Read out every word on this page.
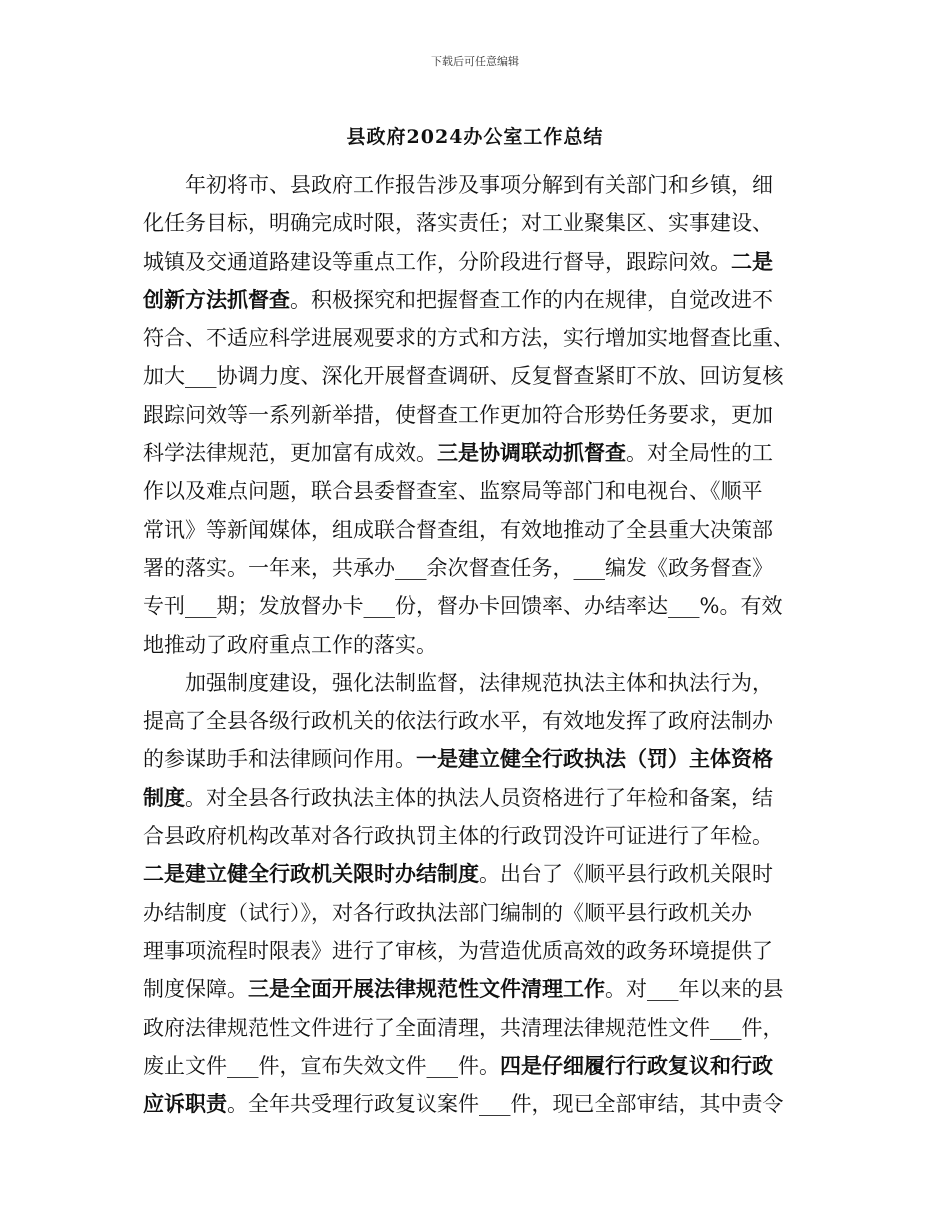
下载后可任意编辑
县政府2024办公室工作总结
年初将市、县政府工作报告涉及事项分解到有关部门和乡镇，细
化任务目标，明确完成时限，落实责任；对工业聚集区、实事建设、
城镇及交通道路建设等重点工作，分阶段进行督导，跟踪问效。二是
创新方法抓督查。积极探究和把握督查工作的内在规律，自觉改进不
符合、不适应科学进展观要求的方式和方法，实行增加实地督查比重、
加大___协调力度、深化开展督查调研、反复督查紧盯不放、回访复核
跟踪问效等一系列新举措，使督查工作更加符合形势任务要求，更加
科学法律规范，更加富有成效。三是协调联动抓督查。对全局性的工
作以及难点问题，联合县委督查室、监察局等部门和电视台、《顺平
常讯》等新闻媒体，组成联合督查组，有效地推动了全县重大决策部
署的落实。一年来，共承办___余次督查任务，___编发《政务督查》
专刊___期；发放督办卡___份，督办卡回馈率、办结率达___%。有效
地推动了政府重点工作的落实。
加强制度建设，强化法制监督，法律规范执法主体和执法行为，
提高了全县各级行政机关的依法行政水平，有效地发挥了政府法制办
的参谋助手和法律顾问作用。一是建立健全行政执法（罚）主体资格
制度。对全县各行政执法主体的执法人员资格进行了年检和备案，结
合县政府机构改革对各行政执罚主体的行政罚没许可证进行了年检。
二是建立健全行政机关限时办结制度。出台了《顺平县行政机关限时
办结制度（试行）》，对各行政执法部门编制的《顺平县行政机关办
理事项流程时限表》进行了审核，为营造优质高效的政务环境提供了
制度保障。三是全面开展法律规范性文件清理工作。对___年以来的县
政府法律规范性文件进行了全面清理，共清理法律规范性文件___件，
废止文件___件，宣布失效文件___件。四是仔细履行行政复议和行政
应诉职责。全年共受理行政复议案件___件，现已全部审结，其中责令
